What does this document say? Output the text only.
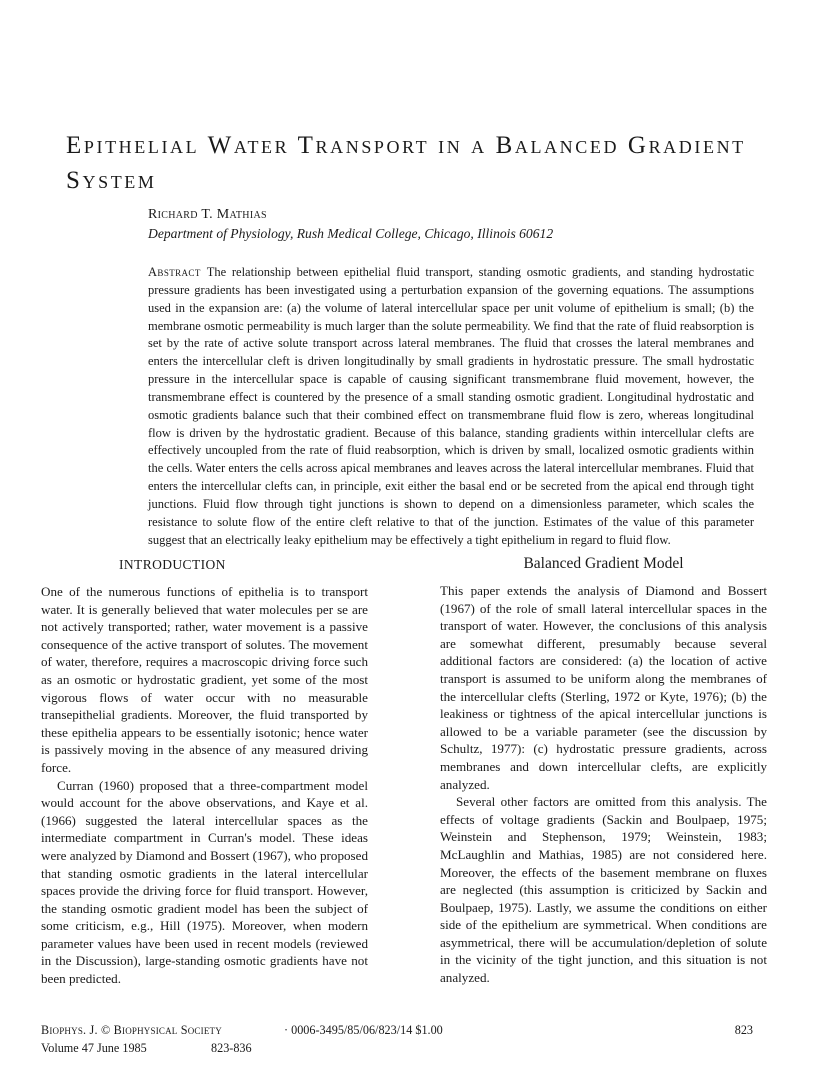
Epithelial Water Transport in a Balanced Gradient System
Richard T. Mathias
Department of Physiology, Rush Medical College, Chicago, Illinois 60612

Abstract The relationship between epithelial fluid transport, standing osmotic gradients, and standing hydrostatic pressure gradients has been investigated using a perturbation expansion of the governing equations. The assumptions used in the expansion are: (a) the volume of lateral intercellular space per unit volume of epithelium is small; (b) the membrane osmotic permeability is much larger than the solute permeability. We find that the rate of fluid reabsorption is set by the rate of active solute transport across lateral membranes. The fluid that crosses the lateral membranes and enters the intercellular cleft is driven longitudinally by small gradients in hydrostatic pressure. The small hydrostatic pressure in the intercellular space is capable of causing significant transmembrane fluid movement, however, the transmembrane effect is countered by the presence of a small standing osmotic gradient. Longitudinal hydrostatic and osmotic gradients balance such that their combined effect on transmembrane fluid flow is zero, whereas longitudinal flow is driven by the hydrostatic gradient. Because of this balance, standing gradients within intercellular clefts are effectively uncoupled from the rate of fluid reabsorption, which is driven by small, localized osmotic gradients within the cells. Water enters the cells across apical membranes and leaves across the lateral intercellular membranes. Fluid that enters the intercellular clefts can, in principle, exit either the basal end or be secreted from the apical end through tight junctions. Fluid flow through tight junctions is shown to depend on a dimensionless parameter, which scales the resistance to solute flow of the entire cleft relative to that of the junction. Estimates of the value of this parameter suggest that an electrically leaky epithelium may be effectively a tight epithelium in regard to fluid flow.

INTRODUCTION

One of the numerous functions of epithelia is to transport water. It is generally believed that water molecules per se are not actively transported; rather, water movement is a passive consequence of the active transport of solutes. The movement of water, therefore, requires a macroscopic driving force such as an osmotic or hydrostatic gradient, yet some of the most vigorous flows of water occur with no measurable transepithelial gradients. Moreover, the fluid transported by these epithelia appears to be essentially isotonic; hence water is passively moving in the absence of any measured driving force.

Curran (1960) proposed that a three-compartment model would account for the above observations, and Kaye et al. (1966) suggested the lateral intercellular spaces as the intermediate compartment in Curran's model. These ideas were analyzed by Diamond and Bossert (1967), who proposed that standing osmotic gradients in the lateral intercellular spaces provide the driving force for fluid transport. However, the standing osmotic gradient model has been the subject of some criticism, e.g., Hill (1975). Moreover, when modern parameter values have been used in recent models (reviewed in the Discussion), large-standing osmotic gradients have not been predicted.

Balanced Gradient Model

This paper extends the analysis of Diamond and Bossert (1967) of the role of small lateral intercellular spaces in the transport of water. However, the conclusions of this analysis are somewhat different, presumably because several additional factors are considered: (a) the location of active transport is assumed to be uniform along the membranes of the intercellular clefts (Sterling, 1972 or Kyte, 1976); (b) the leakiness or tightness of the apical intercellular junctions is allowed to be a variable parameter (see the discussion by Schultz, 1977): (c) hydrostatic pressure gradients, across membranes and down intercellular clefts, are explicitly analyzed.

Several other factors are omitted from this analysis. The effects of voltage gradients (Sackin and Boulpaep, 1975; Weinstein and Stephenson, 1979; Weinstein, 1983; McLaughlin and Mathias, 1985) are not considered here. Moreover, the effects of the basement membrane on fluxes are neglected (this assumption is criticized by Sackin and Boulpaep, 1975). Lastly, we assume the conditions on either side of the epithelium are symmetrical. When conditions are asymmetrical, there will be accumulation/depletion of solute in the vicinity of the tight junction, and this situation is not analyzed.

Biophys. J. © Biophysical Society	· 0006-3495/85/06/823/14 $1.00	823
Volume 47 June 1985	823-836
